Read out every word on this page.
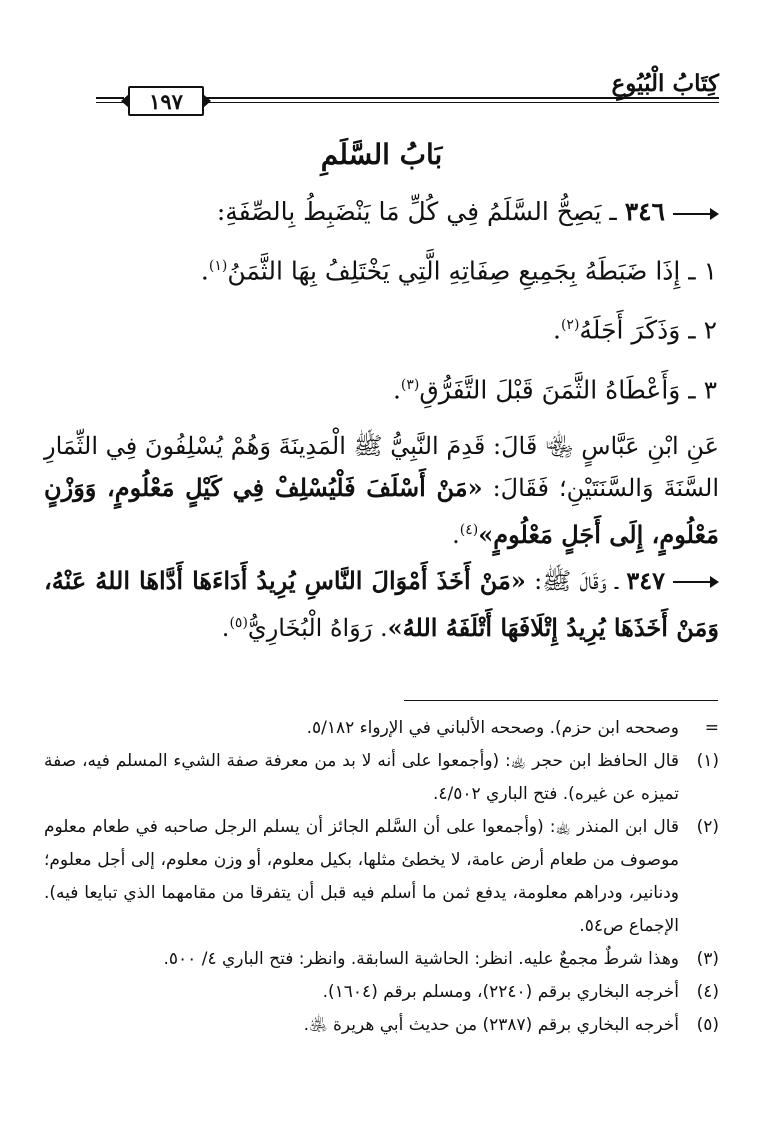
كِتَابُ الْبُيُوعِ
١٩٧
بَابُ السَّلَمِ
٣٤٦ ـ يَصِحُّ السَّلَمُ فِي كُلِّ مَا يَنْضَبِطُ بِالصِّفَةِ:
١ ـ إِذَا ضَبَطَهُ بِجَمِيعِ صِفَاتِهِ الَّتِي يَخْتَلِفُ بِهَا الثَّمَنُ$^{(١)}$.
٢ ـ وَذَكَرَ أَجَلَهُ$^{(٢)}$.
٣ ـ وَأَعْطَاهُ الثَّمَنَ قَبْلَ التَّفَرُّقِ$^{(٣)}$.
عَنِ ابْنِ عَبَّاسٍ ﵄ قَالَ: قَدِمَ النَّبِيُّ ﷺ الْمَدِينَةَ وَهُمْ يُسْلِفُونَ فِي الثِّمَارِ السَّنَةَ وَالسَّنَتَيْنِ؛ فَقَالَ: «مَنْ أَسْلَفَ فَلْيُسْلِفْ فِي كَيْلٍ مَعْلُومٍ، وَوَزْنٍ مَعْلُومٍ، إِلَى أَجَلٍ مَعْلُومٍ»$^{(٤)}$.
٣٤٧ ـ وَقَالَ ﷺ: «مَنْ أَخَذَ أَمْوَالَ النَّاسِ يُرِيدُ أَدَاءَهَا أَدَّاهَا اللهُ عَنْهُ، وَمَنْ أَخَذَهَا يُرِيدُ إِتْلَافَهَا أَتْلَفَهُ اللهُ». رَوَاهُ الْبُخَارِيُّ$^{(٥)}$.
=
وصححه ابن حزم). وصححه الألباني في الإرواء ٥/١٨٢.
(١)
قال الحافظ ابن حجر ﵀: (وأجمعوا على أنه لا بد من معرفة صفة الشيء المسلم فيه، صفة تميزه عن غيره). فتح الباري ٤/٥٠٢.
(٢)
قال ابن المنذر ﵀: (وأجمعوا على أن السَّلم الجائز أن يسلم الرجل صاحبه في طعام معلوم موصوف من طعام أرض عامة، لا يخطئ مثلها، بكيل معلوم، أو وزن معلوم، إلى أجل معلوم؛ ودنانير، ودراهم معلومة، يدفع ثمن ما أسلم فيه قبل أن يتفرقا من مقامهما الذي تبايعا فيه). الإجماع ص٥٤.
(٣)
وهذا شرطٌ مجمعٌ عليه. انظر: الحاشية السابقة. وانظر: فتح الباري ٤/ ٥٠٠.
(٤)
أخرجه البخاري برقم (٢٢٤٠)، ومسلم برقم (١٦٠٤).
(٥)
أخرجه البخاري برقم (٢٣٨٧) من حديث أبي هريرة ﵁.
